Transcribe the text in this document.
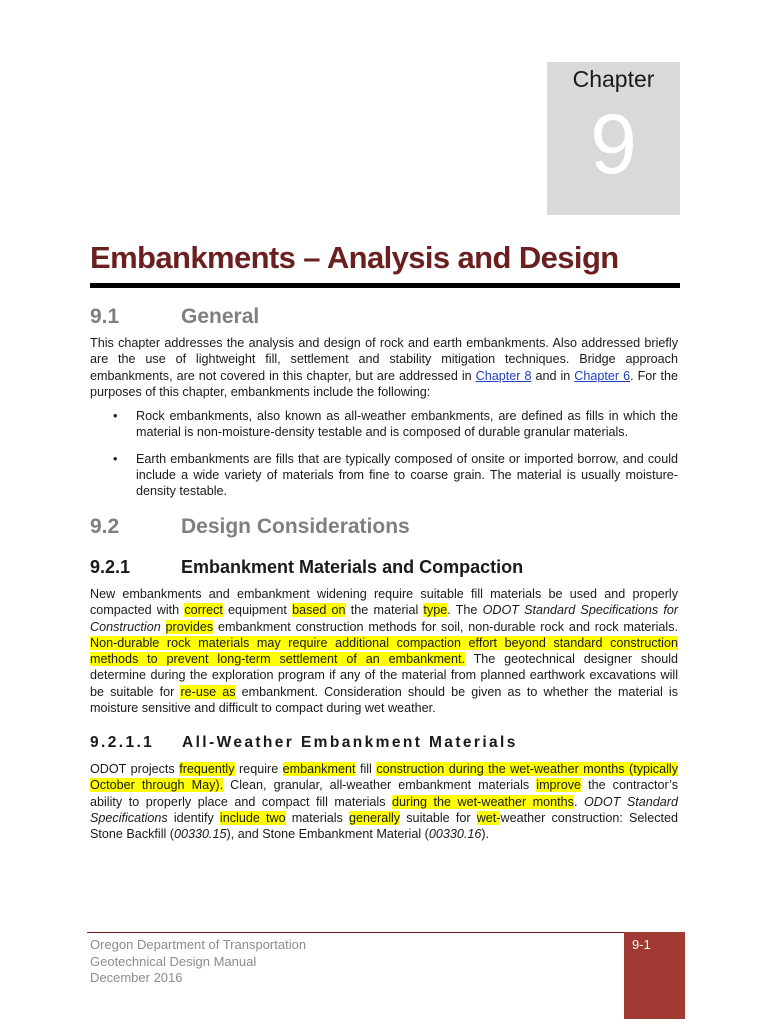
Chapter
9
Embankments – Analysis and Design
9.1	General

This chapter addresses the analysis and design of rock and earth embankments. Also addressed briefly are the use of lightweight fill, settlement and stability mitigation techniques. Bridge approach embankments, are not covered in this chapter, but are addressed in Chapter 8 and in Chapter 6. For the purposes of this chapter, embankments include the following:

• Rock embankments, also known as all-weather embankments, are defined as fills in which the material is non-moisture-density testable and is composed of durable granular materials.
• Earth embankments are fills that are typically composed of onsite or imported borrow, and could include a wide variety of materials from fine to coarse grain. The material is usually moisture-density testable.
9.2	Design Considerations
9.2.1	Embankment Materials and Compaction

New embankments and embankment widening require suitable fill materials be used and properly compacted with correct equipment based on the material type. The ODOT Standard Specifications for Construction provides embankment construction methods for soil, non-durable rock and rock materials. Non-durable rock materials may require additional compaction effort beyond standard construction methods to prevent long-term settlement of an embankment. The geotechnical designer should determine during the exploration program if any of the material from planned earthwork excavations will be suitable for re-use as embankment. Consideration should be given as to whether the material is moisture sensitive and difficult to compact during wet weather.

9.2.1.1 All-Weather Embankment Materials

ODOT projects frequently require embankment fill construction during the wet-weather months (typically October through May). Clean, granular, all-weather embankment materials improve the contractor’s ability to properly place and compact fill materials during the wet-weather months. ODOT Standard Specifications identify include two materials generally suitable for wet-weather construction: Selected Stone Backfill (00330.15), and Stone Embankment Material (00330.16).

Oregon Department of Transportation
Geotechnical Design Manual
December 2016
9-1
